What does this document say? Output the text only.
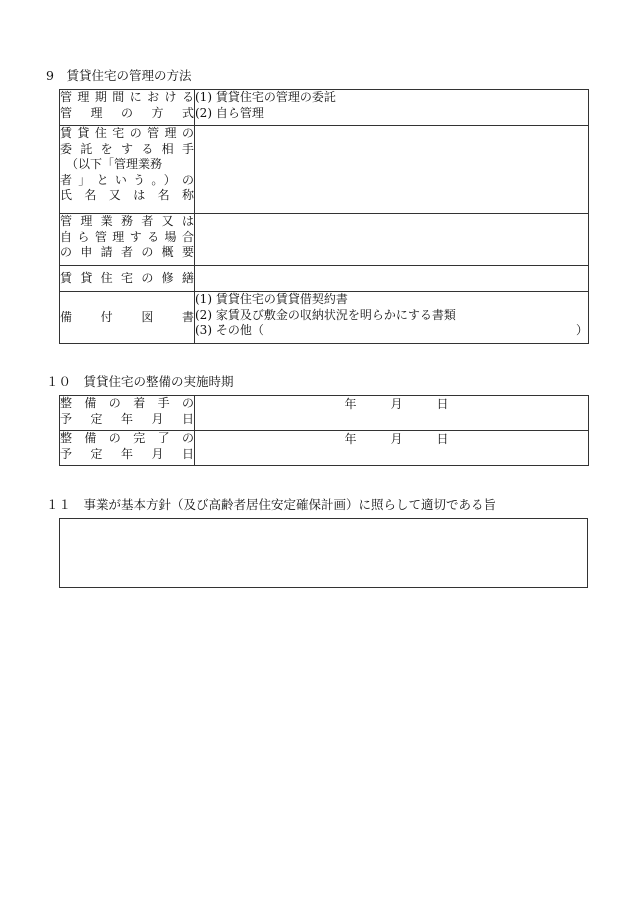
9　賃貸住宅の管理の方法
管理期間における
管 理 の 方 式	(1) 賃貸住宅の管理の委託
(2) 自ら管理

賃貸住宅の管理の
委託をする相手
（以下「管理業務
者」という。）の
氏 名 又 は 名 称	

管理業務者又は
自ら管理する場合
の申請者の概要	

賃 貸 住 宅 の 修 繕	

備　付　図　書	(1) 賃貸住宅の賃貸借契約書
(2) 家賃及び敷金の収納状況を明らかにする書類
(3) その他（ ）
１０　賃貸住宅の整備の実施時期
整 備 の 着 手 の
予 定 年 月 日	年 月 日

整 備 の 完 了 の
予 定 年 月 日	年 月 日
１１　事業が基本方針（及び高齢者居住安定確保計画）に照らして適切である旨
